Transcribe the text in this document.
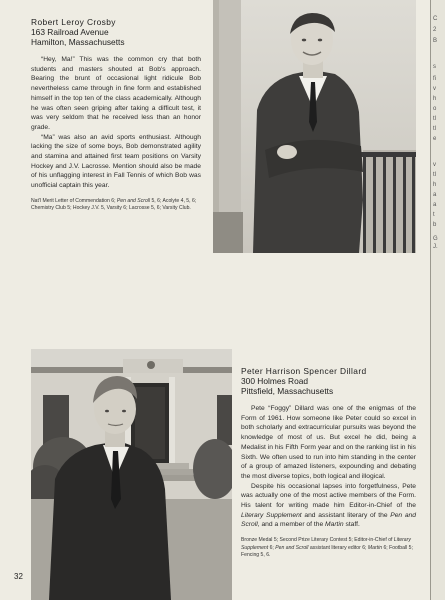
Robert Leroy Crosby
163 Railroad Avenue
Hamilton, Massachusetts

“Hey, Ma!” This was the common cry that both students and masters shouted at Bob's approach. Bearing the brunt of occasional light ridicule Bob nevertheless came through in fine form and established himself in the top ten of the class academically. Although he was often seen griping after taking a difficult test, it was very seldom that he received less than an honor grade.

“Ma” was also an avid sports enthusiast. Although lacking the size of some boys, Bob demonstrated agility and stamina and attained first team positions on Varsity Hockey and J.V. Lacrosse. Mention should also be made of his unflagging interest in Fall Tennis of which Bob was unofficial captain this year.

Nat'l Merit Letter of Commendation 6; Pen and Scroll 5, 6; Acolyte 4, 5, 6; Chemistry Club 5; Hockey J.V. 5, Varsity 6; Lacrosse 5, 6; Varsity Club.
Peter Harrison Spencer Dillard
300 Holmes Road
Pittsfield, Massachusetts

Pete “Foggy” Dillard was one of the enigmas of the Form of 1961. How someone like Peter could so excel in both scholarly and extracurricular pursuits was beyond the knowledge of most of us. But excel he did, being a Medalist in his Fifth Form year and on the ranking list in his Sixth. We often used to run into him standing in the center of a group of amazed listeners, expounding and debating the most diverse topics, both logical and illogical.

Despite his occasional lapses into forgetfulness, Pete was actually one of the most active members of the Form. His talent for writing made him Editor-in-Chief of the Literary Supplement and assistant literary of the Pen and Scroll, and a member of the Martin staff.

Bronze Medal 5; Second Prize Literary Contest 5; Editor-in-Chief of Literary Supplement 6; Pen and Scroll assistant literary editor 6; Martin 6; Football 5; Fencing 5, 6.
32
C
2
B
s
fi
v
h
o
tl
tl
e
v
tl
h
a
a
t
b
G
J.
